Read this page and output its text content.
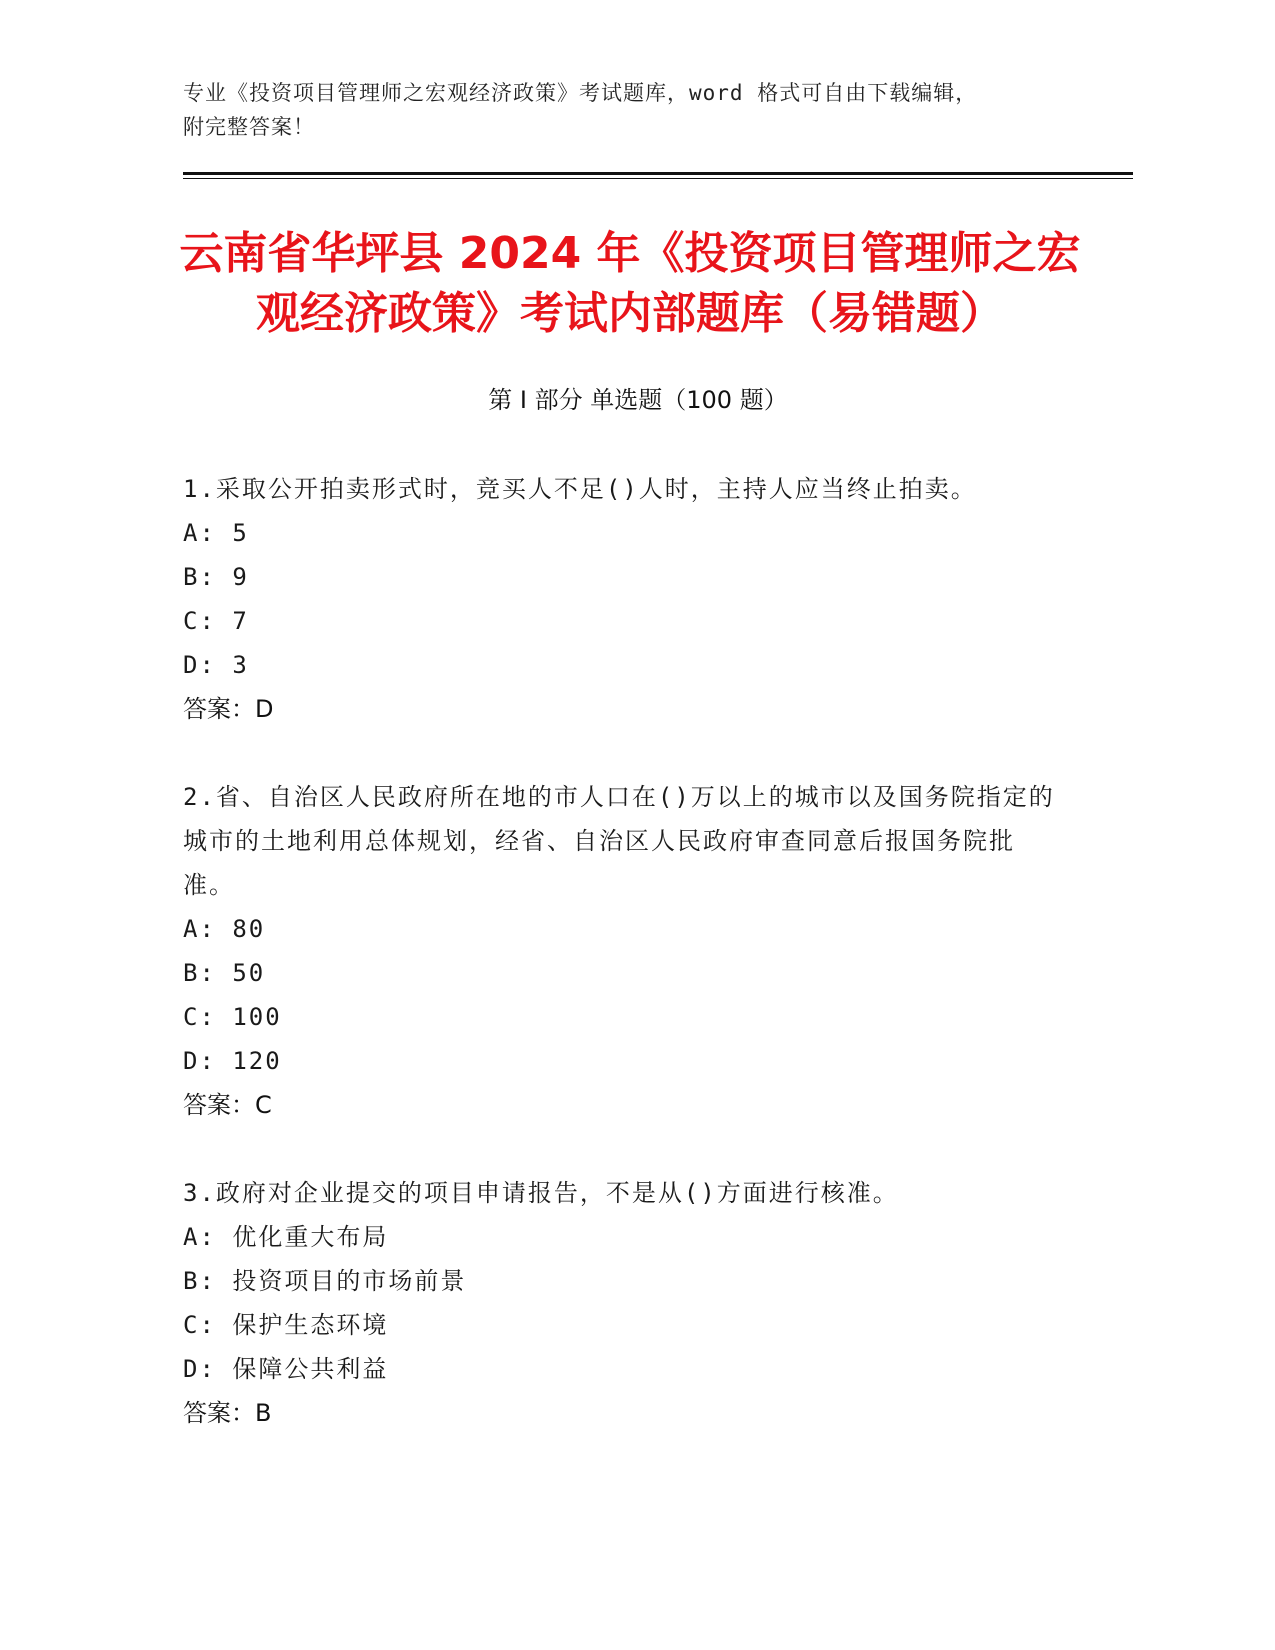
专业《投资项目管理师之宏观经济政策》考试题库，word 格式可自由下载编辑，
附完整答案！
云南省华坪县 2024 年《投资项目管理师之宏
观经济政策》考试内部题库（易错题）
第 I 部分 单选题（100 题）
1.采取公开拍卖形式时，竞买人不足()人时，主持人应当终止拍卖。
A: 5
B: 9
C: 7
D: 3
答案：D
2.省、自治区人民政府所在地的市人口在()万以上的城市以及国务院指定的城市的土地利用总体规划，经省、自治区人民政府审查同意后报国务院批准。
A: 80
B: 50
C: 100
D: 120
答案：C
3.政府对企业提交的项目申请报告，不是从()方面进行核准。
A: 优化重大布局
B: 投资项目的市场前景
C: 保护生态环境
D: 保障公共利益
答案：B
